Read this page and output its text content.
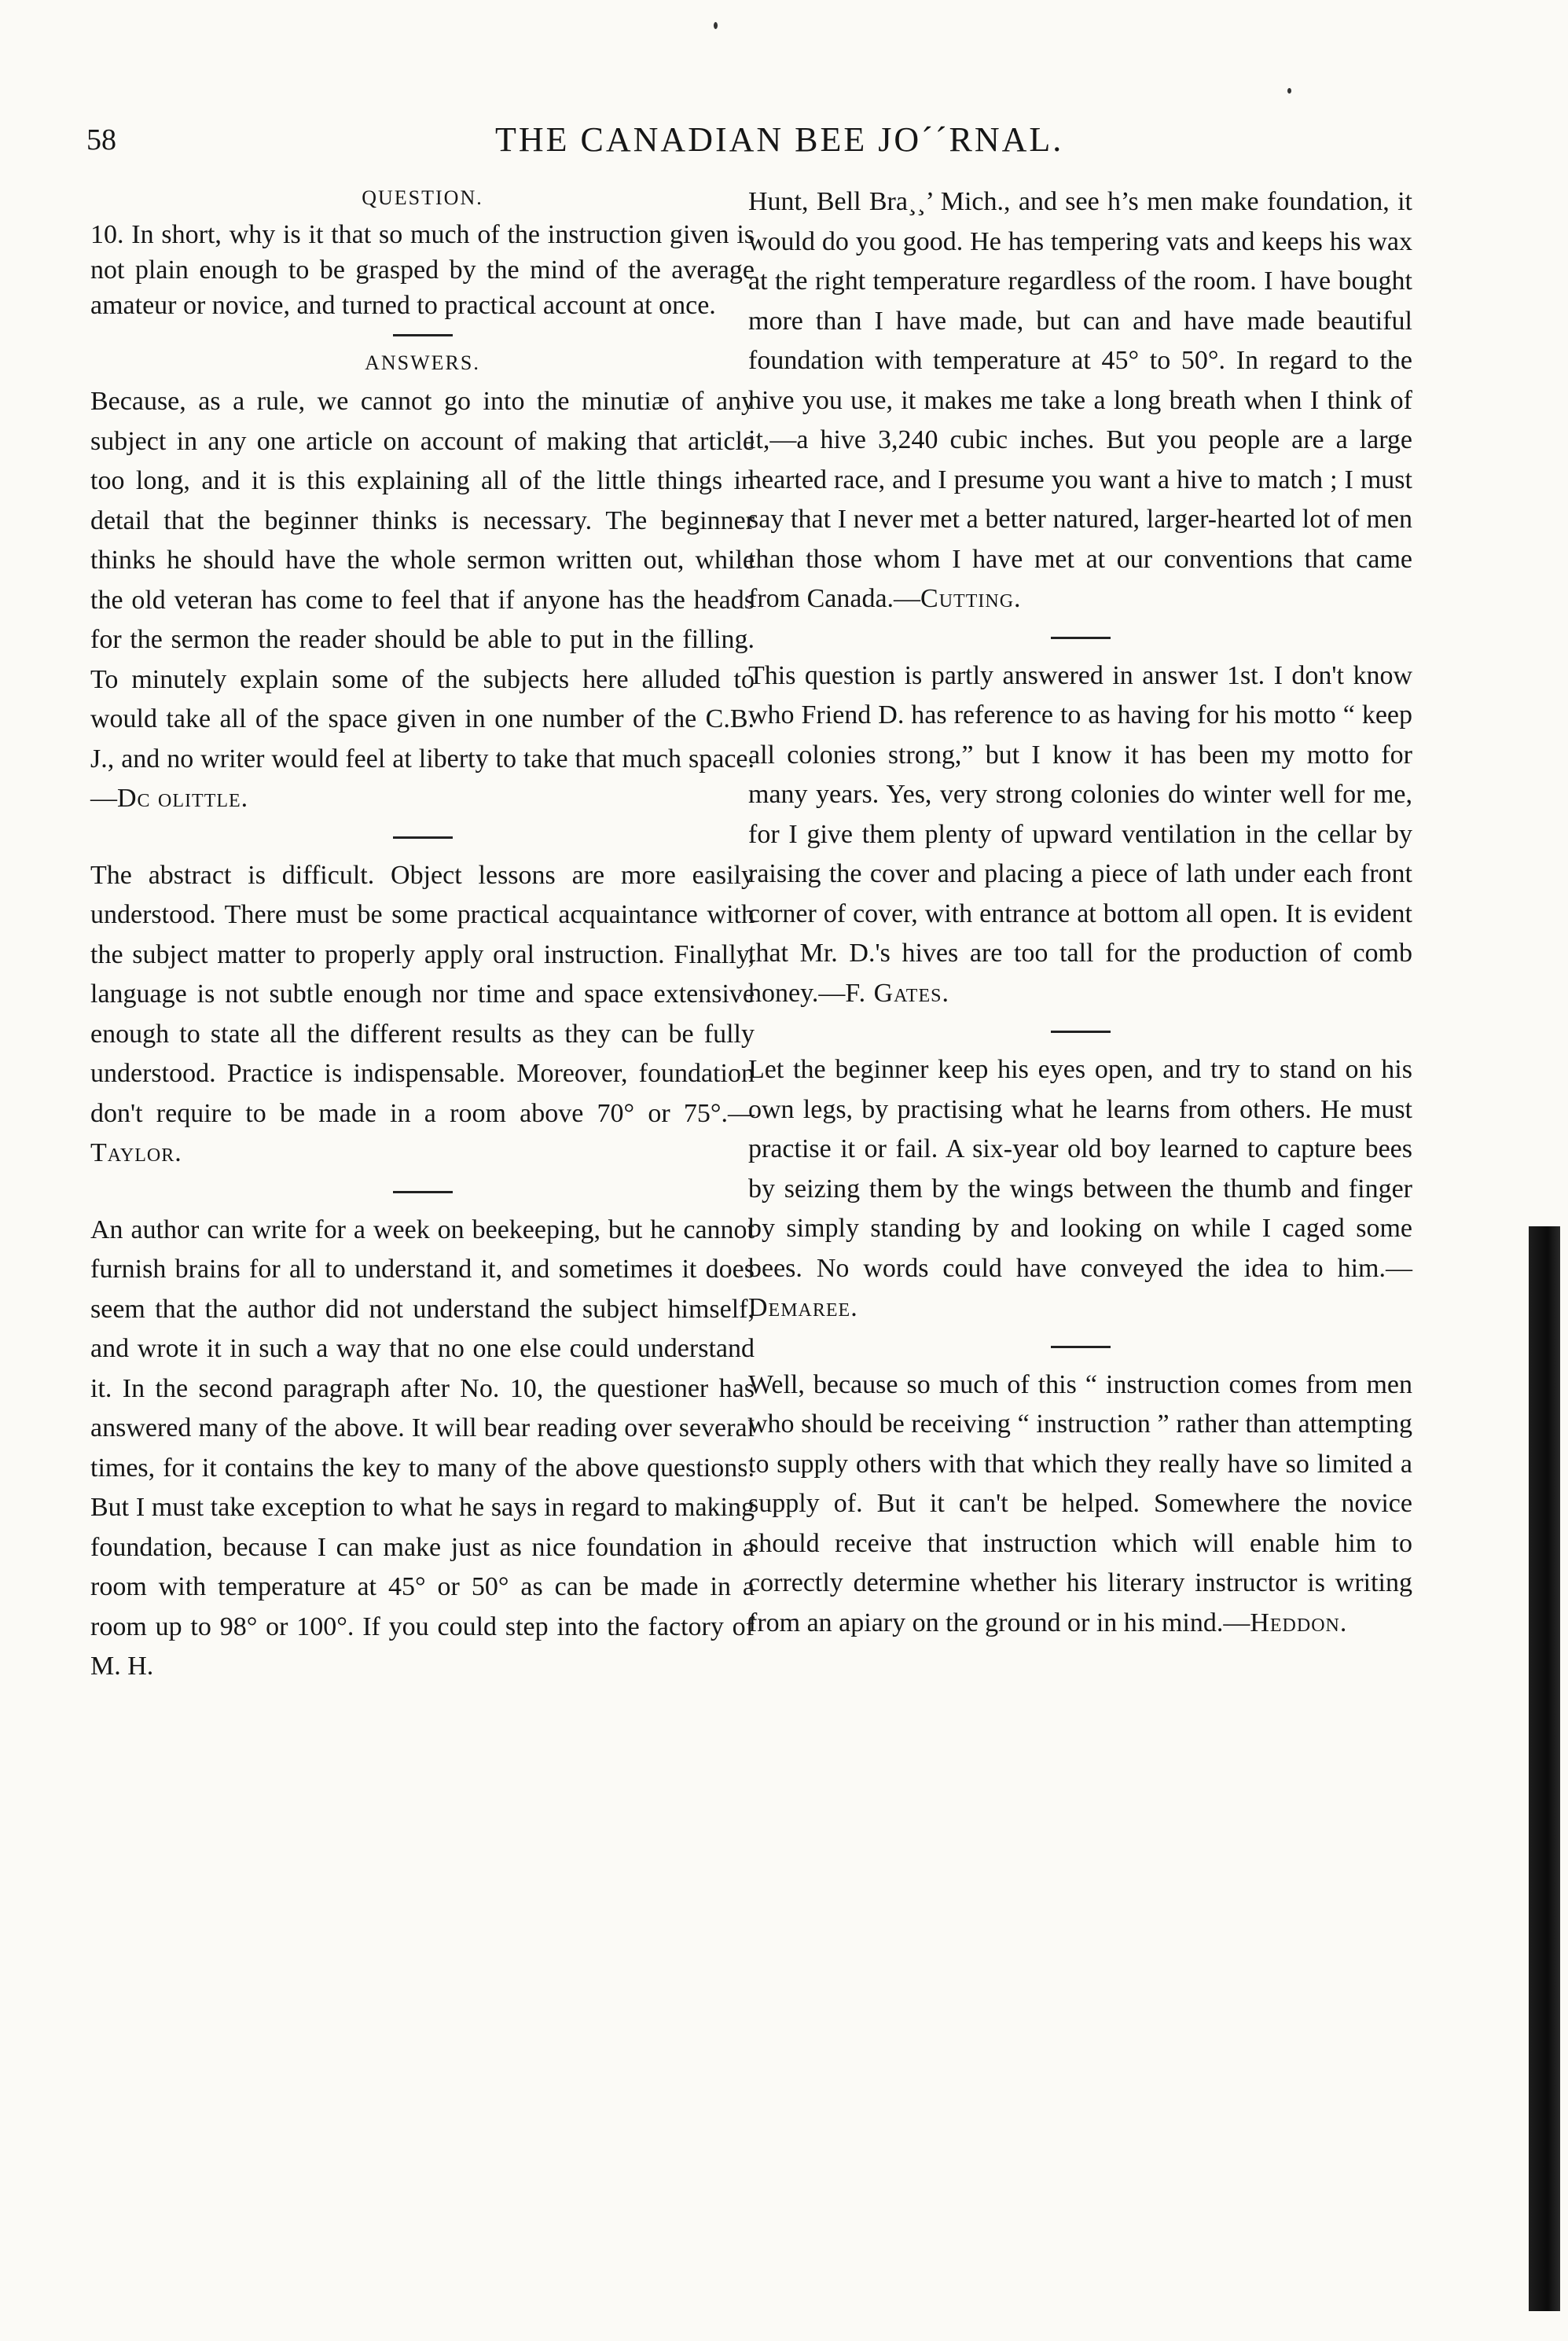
58	THE CANADIAN BEE JO´´RNAL.
QUESTION.

10. In short, why is it that so much of the instruction given is not plain enough to be grasped by the mind of the average amateur or novice, and turned to practical account at once.

ANSWERS.

Because, as a rule, we cannot go into the minutiæ of any subject in any one article on account of making that article too long, and it is this explaining all of the little things in detail that the beginner thinks is necessary. The beginner thinks he should have the whole sermon written out, while the old veteran has come to feel that if anyone has the heads for the sermon the reader should be able to put in the filling. To minutely explain some of the subjects here alluded to would take all of the space given in one number of the C.B. J., and no writer would feel at liberty to take that much space.—Dc olittle.

The abstract is difficult. Object lessons are more easily understood. There must be some practical acquaintance with the subject matter to properly apply oral instruction. Finally, language is not subtle enough nor time and space extensive enough to state all the different results as they can be fully understood. Practice is indispensable. Moreover, foundation don't require to be made in a room above 70° or 75°.—Taylor.

An author can write for a week on beekeeping, but he cannot furnish brains for all to understand it, and sometimes it does seem that the author did not understand the subject himself, and wrote it in such a way that no one else could understand it. In the second paragraph after No. 10, the questioner has answered many of the above. It will bear reading over several times, for it contains the key to many of the above questions. But I must take exception to what he says in regard to making foundation, because I can make just as nice foundation in a room with temperature at 45° or 50° as can be made in a room up to 98° or 100°. If you could step into the factory of M. H.

Hunt, Bell Bra¸¸’ Mich., and see h’s men make foundation, it would do you good. He has tempering vats and keeps his wax at the right temperature regardless of the room. I have bought more than I have made, but can and have made beautiful foundation with temperature at 45° to 50°. In regard to the hive you use, it makes me take a long breath when I think of it,—a hive 3,240 cubic inches. But you people are a large hearted race, and I presume you want a hive to match ; I must say that I never met a better natured, larger-hearted lot of men than those whom I have met at our conventions that came from Canada.—Cutting.

This question is partly answered in answer 1st. I don't know who Friend D. has reference to as having for his motto “ keep all colonies strong,” but I know it has been my motto for many years. Yes, very strong colonies do winter well for me, for I give them plenty of upward ventilation in the cellar by raising the cover and placing a piece of lath under each front corner of cover, with entrance at bottom all open. It is evident that Mr. D.'s hives are too tall for the production of comb honey.—F. Gates.

Let the beginner keep his eyes open, and try to stand on his own legs, by practising what he learns from others. He must practise it or fail. A six-year old boy learned to capture bees by seizing them by the wings between the thumb and finger by simply standing by and looking on while I caged some bees. No words could have conveyed the idea to him.—Demaree.

Well, because so much of this “ instruction comes from men who should be receiving “ instruction ” rather than attempting to supply others with that which they really have so limited a supply of. But it can't be helped. Somewhere the novice should receive that instruction which will enable him to correctly determine whether his literary instructor is writing from an apiary on the ground or in his mind.—Heddon.
